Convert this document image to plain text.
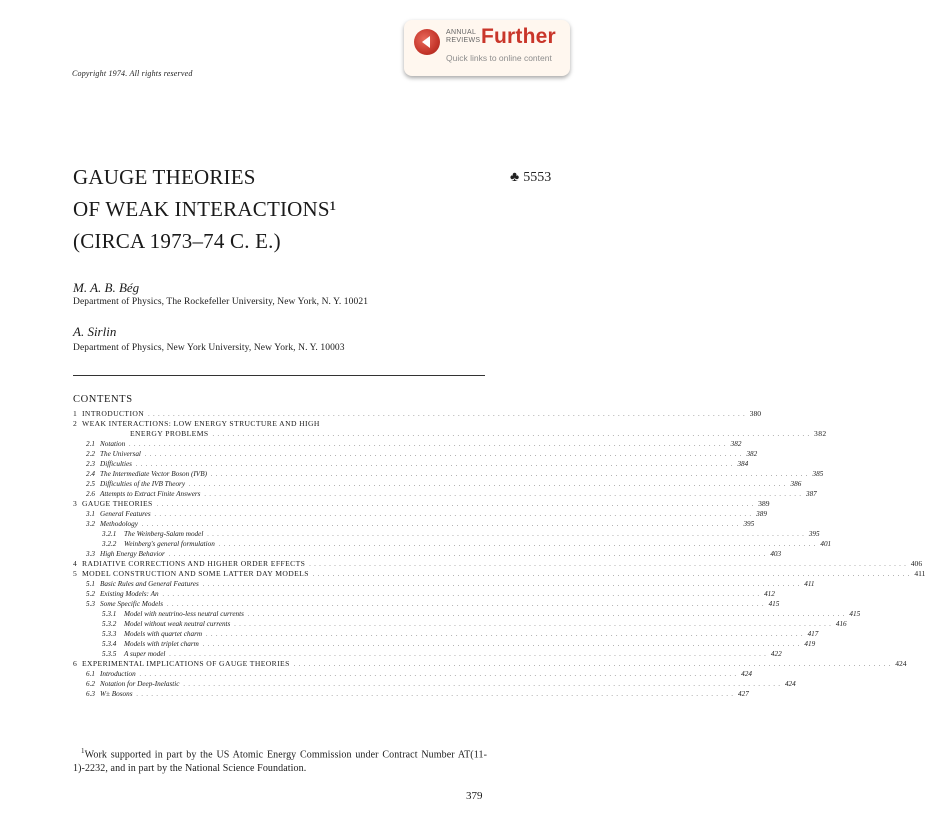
ANNUAL
REVIEWS Further
Quick links to online content
Copyright 1974. All rights reserved
GAUGE THEORIES
OF WEAK INTERACTIONS¹
(CIRCA 1973–74 C. E.)
♣ 5553
M. A. B. Bég
Department of Physics, The Rockefeller University, New York, N. Y. 10021
A. Sirlin
Department of Physics, New York University, New York, N. Y. 10003
CONTENTS
1 INTRODUCTION . . . . . . . . . . . . . . . . . . . . . . . . . . . . . . . . . . . . . . . . . . . . . . . . . . . . . . . . . . . . . . . . . . . . . . . . . . . . . . . . . . . . . . . . . . . . . . . . . . . . . . . . . . . . . . . . . . . . . . . . 380
2 WEAK INTERACTIONS: LOW ENERGY STRUCTURE AND HIGH
ENERGY PROBLEMS . . . . . . . . . . . . . . . . . . . . . . . . . . . . . . . . . . . . . . . . . . . . . . . . . . . . . . . . . . . . . . . . . . . . . . . . . . . . . . . . . . . . . . . . . . . . . . . . . . . . . . . . . . . . . . . . . . . . . . . . 382
2.1 Notation . . . . . . . . . . . . . . . . . . . . . . . . . . . . . . . . . . . . . . . . . . . . . . . . . . . . . . . . . . . . . . . . . . . . . . . . . . . . . . . . . . . . . . . . . . . . . . . . . . . . . . . . . . . . . . . . . . . . . . . . 382
2.2 The Universal . . . . . . . . . . . . . . . . . . . . . . . . . . . . . . . . . . . . . . . . . . . . . . . . . . . . . . . . . . . . . . . . . . . . . . . . . . . . . . . . . . . . . . . . . . . . . . . . . . . . . . . . . . . . . . . . . . . . . . . . 382
2.3 Difficulties . . . . . . . . . . . . . . . . . . . . . . . . . . . . . . . . . . . . . . . . . . . . . . . . . . . . . . . . . . . . . . . . . . . . . . . . . . . . . . . . . . . . . . . . . . . . . . . . . . . . . . . . . . . . . . . . . . . . . . . . 384
2.4 The Intermediate Vector Boson (IVB) . . . . . . . . . . . . . . . . . . . . . . . . . . . . . . . . . . . . . . . . . . . . . . . . . . . . . . . . . . . . . . . . . . . . . . . . . . . . . . . . . . . . . . . . . . . . . . . . . . . . . . . . . . . . . . . . . . . . . . . . 385
2.5 Difficulties of the IVB Theory . . . . . . . . . . . . . . . . . . . . . . . . . . . . . . . . . . . . . . . . . . . . . . . . . . . . . . . . . . . . . . . . . . . . . . . . . . . . . . . . . . . . . . . . . . . . . . . . . . . . . . . . . . . . . . . . . . . . . . . . 386
2.6 Attempts to Extract Finite Answers . . . . . . . . . . . . . . . . . . . . . . . . . . . . . . . . . . . . . . . . . . . . . . . . . . . . . . . . . . . . . . . . . . . . . . . . . . . . . . . . . . . . . . . . . . . . . . . . . . . . . . . . . . . . . . . . . . . . . . . . 387
3 GAUGE THEORIES . . . . . . . . . . . . . . . . . . . . . . . . . . . . . . . . . . . . . . . . . . . . . . . . . . . . . . . . . . . . . . . . . . . . . . . . . . . . . . . . . . . . . . . . . . . . . . . . . . . . . . . . . . . . . . . . . . . . . . . . 389
3.1 General Features . . . . . . . . . . . . . . . . . . . . . . . . . . . . . . . . . . . . . . . . . . . . . . . . . . . . . . . . . . . . . . . . . . . . . . . . . . . . . . . . . . . . . . . . . . . . . . . . . . . . . . . . . . . . . . . . . . . . . . . . 389
3.2 Methodology . . . . . . . . . . . . . . . . . . . . . . . . . . . . . . . . . . . . . . . . . . . . . . . . . . . . . . . . . . . . . . . . . . . . . . . . . . . . . . . . . . . . . . . . . . . . . . . . . . . . . . . . . . . . . . . . . . . . . . . . 395
3.2.1	The Weinberg-Salam model . . . . . . . . . . . . . . . . . . . . . . . . . . . . . . . . . . . . . . . . . . . . . . . . . . . . . . . . . . . . . . . . . . . . . . . . . . . . . . . . . . . . . . . . . . . . . . . . . . . . . . . . . . . . . . . . . . . . . . . . 395
3.2.2	Weinberg's general formulation . . . . . . . . . . . . . . . . . . . . . . . . . . . . . . . . . . . . . . . . . . . . . . . . . . . . . . . . . . . . . . . . . . . . . . . . . . . . . . . . . . . . . . . . . . . . . . . . . . . . . . . . . . . . . . . . . . . . . . . . 401
3.3 High Energy Behavior . . . . . . . . . . . . . . . . . . . . . . . . . . . . . . . . . . . . . . . . . . . . . . . . . . . . . . . . . . . . . . . . . . . . . . . . . . . . . . . . . . . . . . . . . . . . . . . . . . . . . . . . . . . . . . . . . . . . . . . . 403
4 RADIATIVE CORRECTIONS AND HIGHER ORDER EFFECTS . . . . . . . . . . . . . . . . . . . . . . . . . . . . . . . . . . . . . . . . . . . . . . . . . . . . . . . . . . . . . . . . . . . . . . . . . . . . . . . . . . . . . . . . . . . . . . . . . . . . . . . . . . . . . . . . . . . . . . . . 406
5 MODEL CONSTRUCTION AND SOME LATTER DAY MODELS . . . . . . . . . . . . . . . . . . . . . . . . . . . . . . . . . . . . . . . . . . . . . . . . . . . . . . . . . . . . . . . . . . . . . . . . . . . . . . . . . . . . . . . . . . . . . . . . . . . . . . . . . . . . . . . . . . . . . . . . 411
5.1 Basic Rules and General Features . . . . . . . . . . . . . . . . . . . . . . . . . . . . . . . . . . . . . . . . . . . . . . . . . . . . . . . . . . . . . . . . . . . . . . . . . . . . . . . . . . . . . . . . . . . . . . . . . . . . . . . . . . . . . . . . . . . . . . . . 411
5.2 Existing Models: An . . . . . . . . . . . . . . . . . . . . . . . . . . . . . . . . . . . . . . . . . . . . . . . . . . . . . . . . . . . . . . . . . . . . . . . . . . . . . . . . . . . . . . . . . . . . . . . . . . . . . . . . . . . . . . . . . . . . . . . . 412
5.3 Some Specific Models . . . . . . . . . . . . . . . . . . . . . . . . . . . . . . . . . . . . . . . . . . . . . . . . . . . . . . . . . . . . . . . . . . . . . . . . . . . . . . . . . . . . . . . . . . . . . . . . . . . . . . . . . . . . . . . . . . . . . . . . 415
5.3.1	Model with neutrino-less neutral currents . . . . . . . . . . . . . . . . . . . . . . . . . . . . . . . . . . . . . . . . . . . . . . . . . . . . . . . . . . . . . . . . . . . . . . . . . . . . . . . . . . . . . . . . . . . . . . . . . . . . . . . . . . . . . . . . . . . . . . . . 415
5.3.2	Model without weak neutral currents . . . . . . . . . . . . . . . . . . . . . . . . . . . . . . . . . . . . . . . . . . . . . . . . . . . . . . . . . . . . . . . . . . . . . . . . . . . . . . . . . . . . . . . . . . . . . . . . . . . . . . . . . . . . . . . . . . . . . . . . 416
5.3.3	Models with quartet charm . . . . . . . . . . . . . . . . . . . . . . . . . . . . . . . . . . . . . . . . . . . . . . . . . . . . . . . . . . . . . . . . . . . . . . . . . . . . . . . . . . . . . . . . . . . . . . . . . . . . . . . . . . . . . . . . . . . . . . . . 417
5.3.4	Models with triplet charm . . . . . . . . . . . . . . . . . . . . . . . . . . . . . . . . . . . . . . . . . . . . . . . . . . . . . . . . . . . . . . . . . . . . . . . . . . . . . . . . . . . . . . . . . . . . . . . . . . . . . . . . . . . . . . . . . . . . . . . . 419
5.3.5	A super model . . . . . . . . . . . . . . . . . . . . . . . . . . . . . . . . . . . . . . . . . . . . . . . . . . . . . . . . . . . . . . . . . . . . . . . . . . . . . . . . . . . . . . . . . . . . . . . . . . . . . . . . . . . . . . . . . . . . . . . . 422
6 EXPERIMENTAL IMPLICATIONS OF GAUGE THEORIES . . . . . . . . . . . . . . . . . . . . . . . . . . . . . . . . . . . . . . . . . . . . . . . . . . . . . . . . . . . . . . . . . . . . . . . . . . . . . . . . . . . . . . . . . . . . . . . . . . . . . . . . . . . . . . . . . . . . . . . . 424
6.1 Introduction . . . . . . . . . . . . . . . . . . . . . . . . . . . . . . . . . . . . . . . . . . . . . . . . . . . . . . . . . . . . . . . . . . . . . . . . . . . . . . . . . . . . . . . . . . . . . . . . . . . . . . . . . . . . . . . . . . . . . . . . 424
6.2 Notation for Deep-Inelastic . . . . . . . . . . . . . . . . . . . . . . . . . . . . . . . . . . . . . . . . . . . . . . . . . . . . . . . . . . . . . . . . . . . . . . . . . . . . . . . . . . . . . . . . . . . . . . . . . . . . . . . . . . . . . . . . . . . . . . . . 424
6.3 W± Bosons . . . . . . . . . . . . . . . . . . . . . . . . . . . . . . . . . . . . . . . . . . . . . . . . . . . . . . . . . . . . . . . . . . . . . . . . . . . . . . . . . . . . . . . . . . . . . . . . . . . . . . . . . . . . . . . . . . . . . . . . 427
$^1$Work supported in part by the US Atomic Energy Commission under Contract Number AT(11-1)-2232, and in part by the National Science Foundation.
379
